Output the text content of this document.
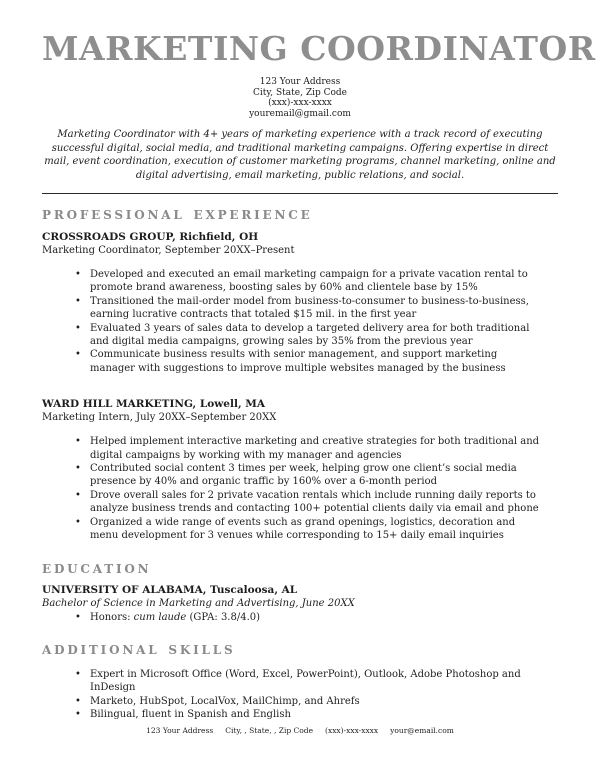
MARKETING COORDINATOR
123 Your Address
City, State, Zip Code
(xxx)-xxx-xxxx
youremail@gmail.com

Marketing Coordinator with 4+ years of marketing experience with a track record of executing successful digital, social media, and traditional marketing campaigns. Offering expertise in direct mail, event coordination, execution of customer marketing programs, channel marketing, online and digital advertising, email marketing, public relations, and social.

PROFESSIONAL EXPERIENCE
CROSSROADS GROUP, Richfield, OH
Marketing Coordinator, September 20XX–Present
• Developed and executed an email marketing campaign for a private vacation rental to promote brand awareness, boosting sales by 60% and clientele base by 15%
• Transitioned the mail-order model from business-to-consumer to business-to-business, earning lucrative contracts that totaled $15 mil. in the first year
• Evaluated 3 years of sales data to develop a targeted delivery area for both traditional and digital media campaigns, growing sales by 35% from the previous year
• Communicate business results with senior management, and support marketing manager with suggestions to improve multiple websites managed by the business
WARD HILL MARKETING, Lowell, MA
Marketing Intern, July 20XX–September 20XX
• Helped implement interactive marketing and creative strategies for both traditional and digital campaigns by working with my manager and agencies
• Contributed social content 3 times per week, helping grow one client’s social media presence by 40% and organic traffic by 160% over a 6-month period
• Drove overall sales for 2 private vacation rentals which include running daily reports to analyze business trends and contacting 100+ potential clients daily via email and phone
• Organized a wide range of events such as grand openings, logistics, decoration and menu development for 3 venues while corresponding to 15+ daily email inquiries
EDUCATION
UNIVERSITY OF ALABAMA, Tuscaloosa, AL
Bachelor of Science in Marketing and Advertising, June 20XX
• Honors: cum laude (GPA: 3.8/4.0)
ADDITIONAL SKILLS
• Expert in Microsoft Office (Word, Excel, PowerPoint), Outlook, Adobe Photoshop and InDesign
• Marketo, HubSpot, LocalVox, MailChimp, and Ahrefs
• Bilingual, fluent in Spanish and English
123 Your Address City, , State, , Zip Code (xxx)-xxx-xxxx your@email.com
